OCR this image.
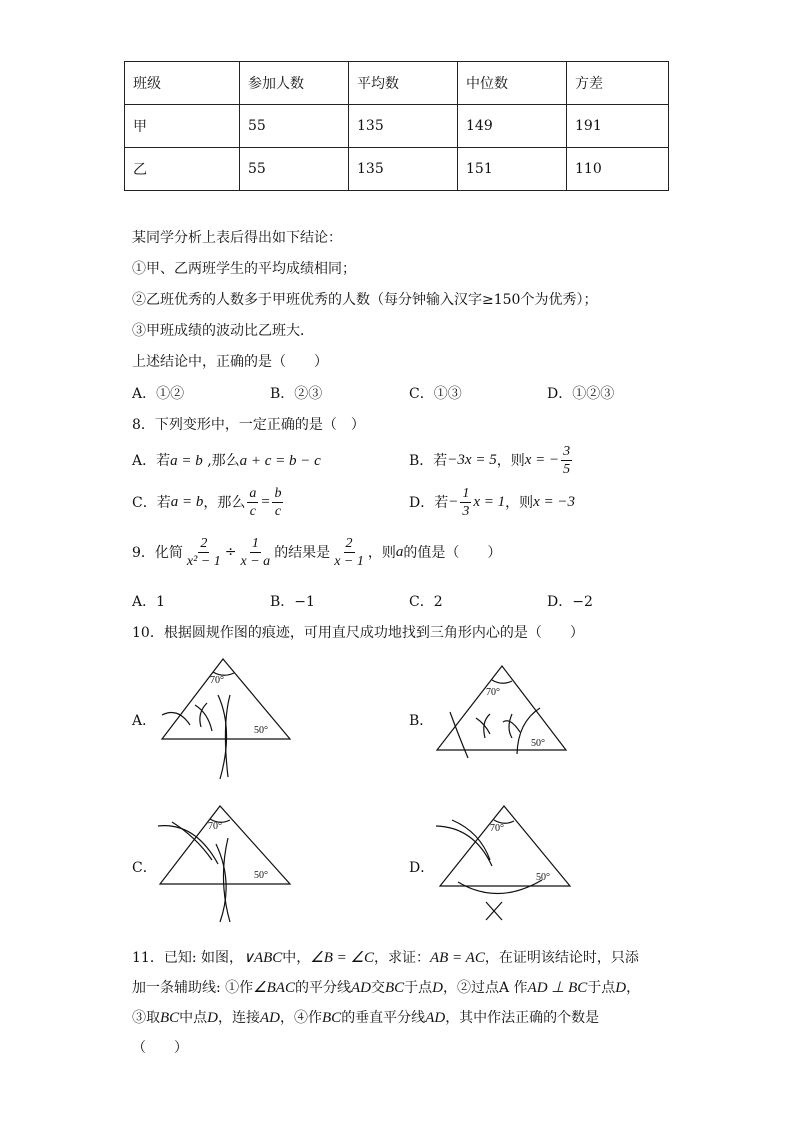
班级	参加人数	平均数	中位数	方差
甲	55	135	149	191
乙	55	135	151	110
某同学分析上表后得出如下结论：
①甲、乙两班学生的平均成绩相同；
②乙班优秀的人数多于甲班优秀的人数（每分钟输入汉字≥150个为优秀）；
③甲班成绩的波动比乙班大．
上述结论中，正确的是（　　）
A．①②	B．②③	C．①③	D．①②③
8．下列变形中，一定正确的是（　）
A．若a = b ,那么a + c = b − c	B．若 −3x = 5 ，则 x = − $\frac{3}{5}$
C．若 a = b ，那么 $\frac{a}{c} = \frac{b}{c}$	D．若 − $\frac{1}{3}$ x = 1 ，则 x = −3
9．化简 $\frac{2}{\text{x² − 1}} \div \frac{1}{x - a}$ 的结果是 $\frac{2}{x - 1}$ ，则 a 的值是（　　）
A．1	B．−1	C．2	D．−2
10．根据圆规作图的痕迹，可用直尺成功地找到三角形内心的是（　　）
A．
70°
50°
B．
70°
50°
C．
70°
50°	D．
70°
50°
11．已知: 如图，∨ABC中，∠B = ∠C，求证：AB = AC，在证明该结论时，只添
加一条辅助线: ①作∠BAC的平分线AD交BC于点D，②过点A 作AD ⊥ BC于点D，
③取BC中点D，连接AD，④作BC的垂直平分线AD，其中作法正确的个数是
（　　）
